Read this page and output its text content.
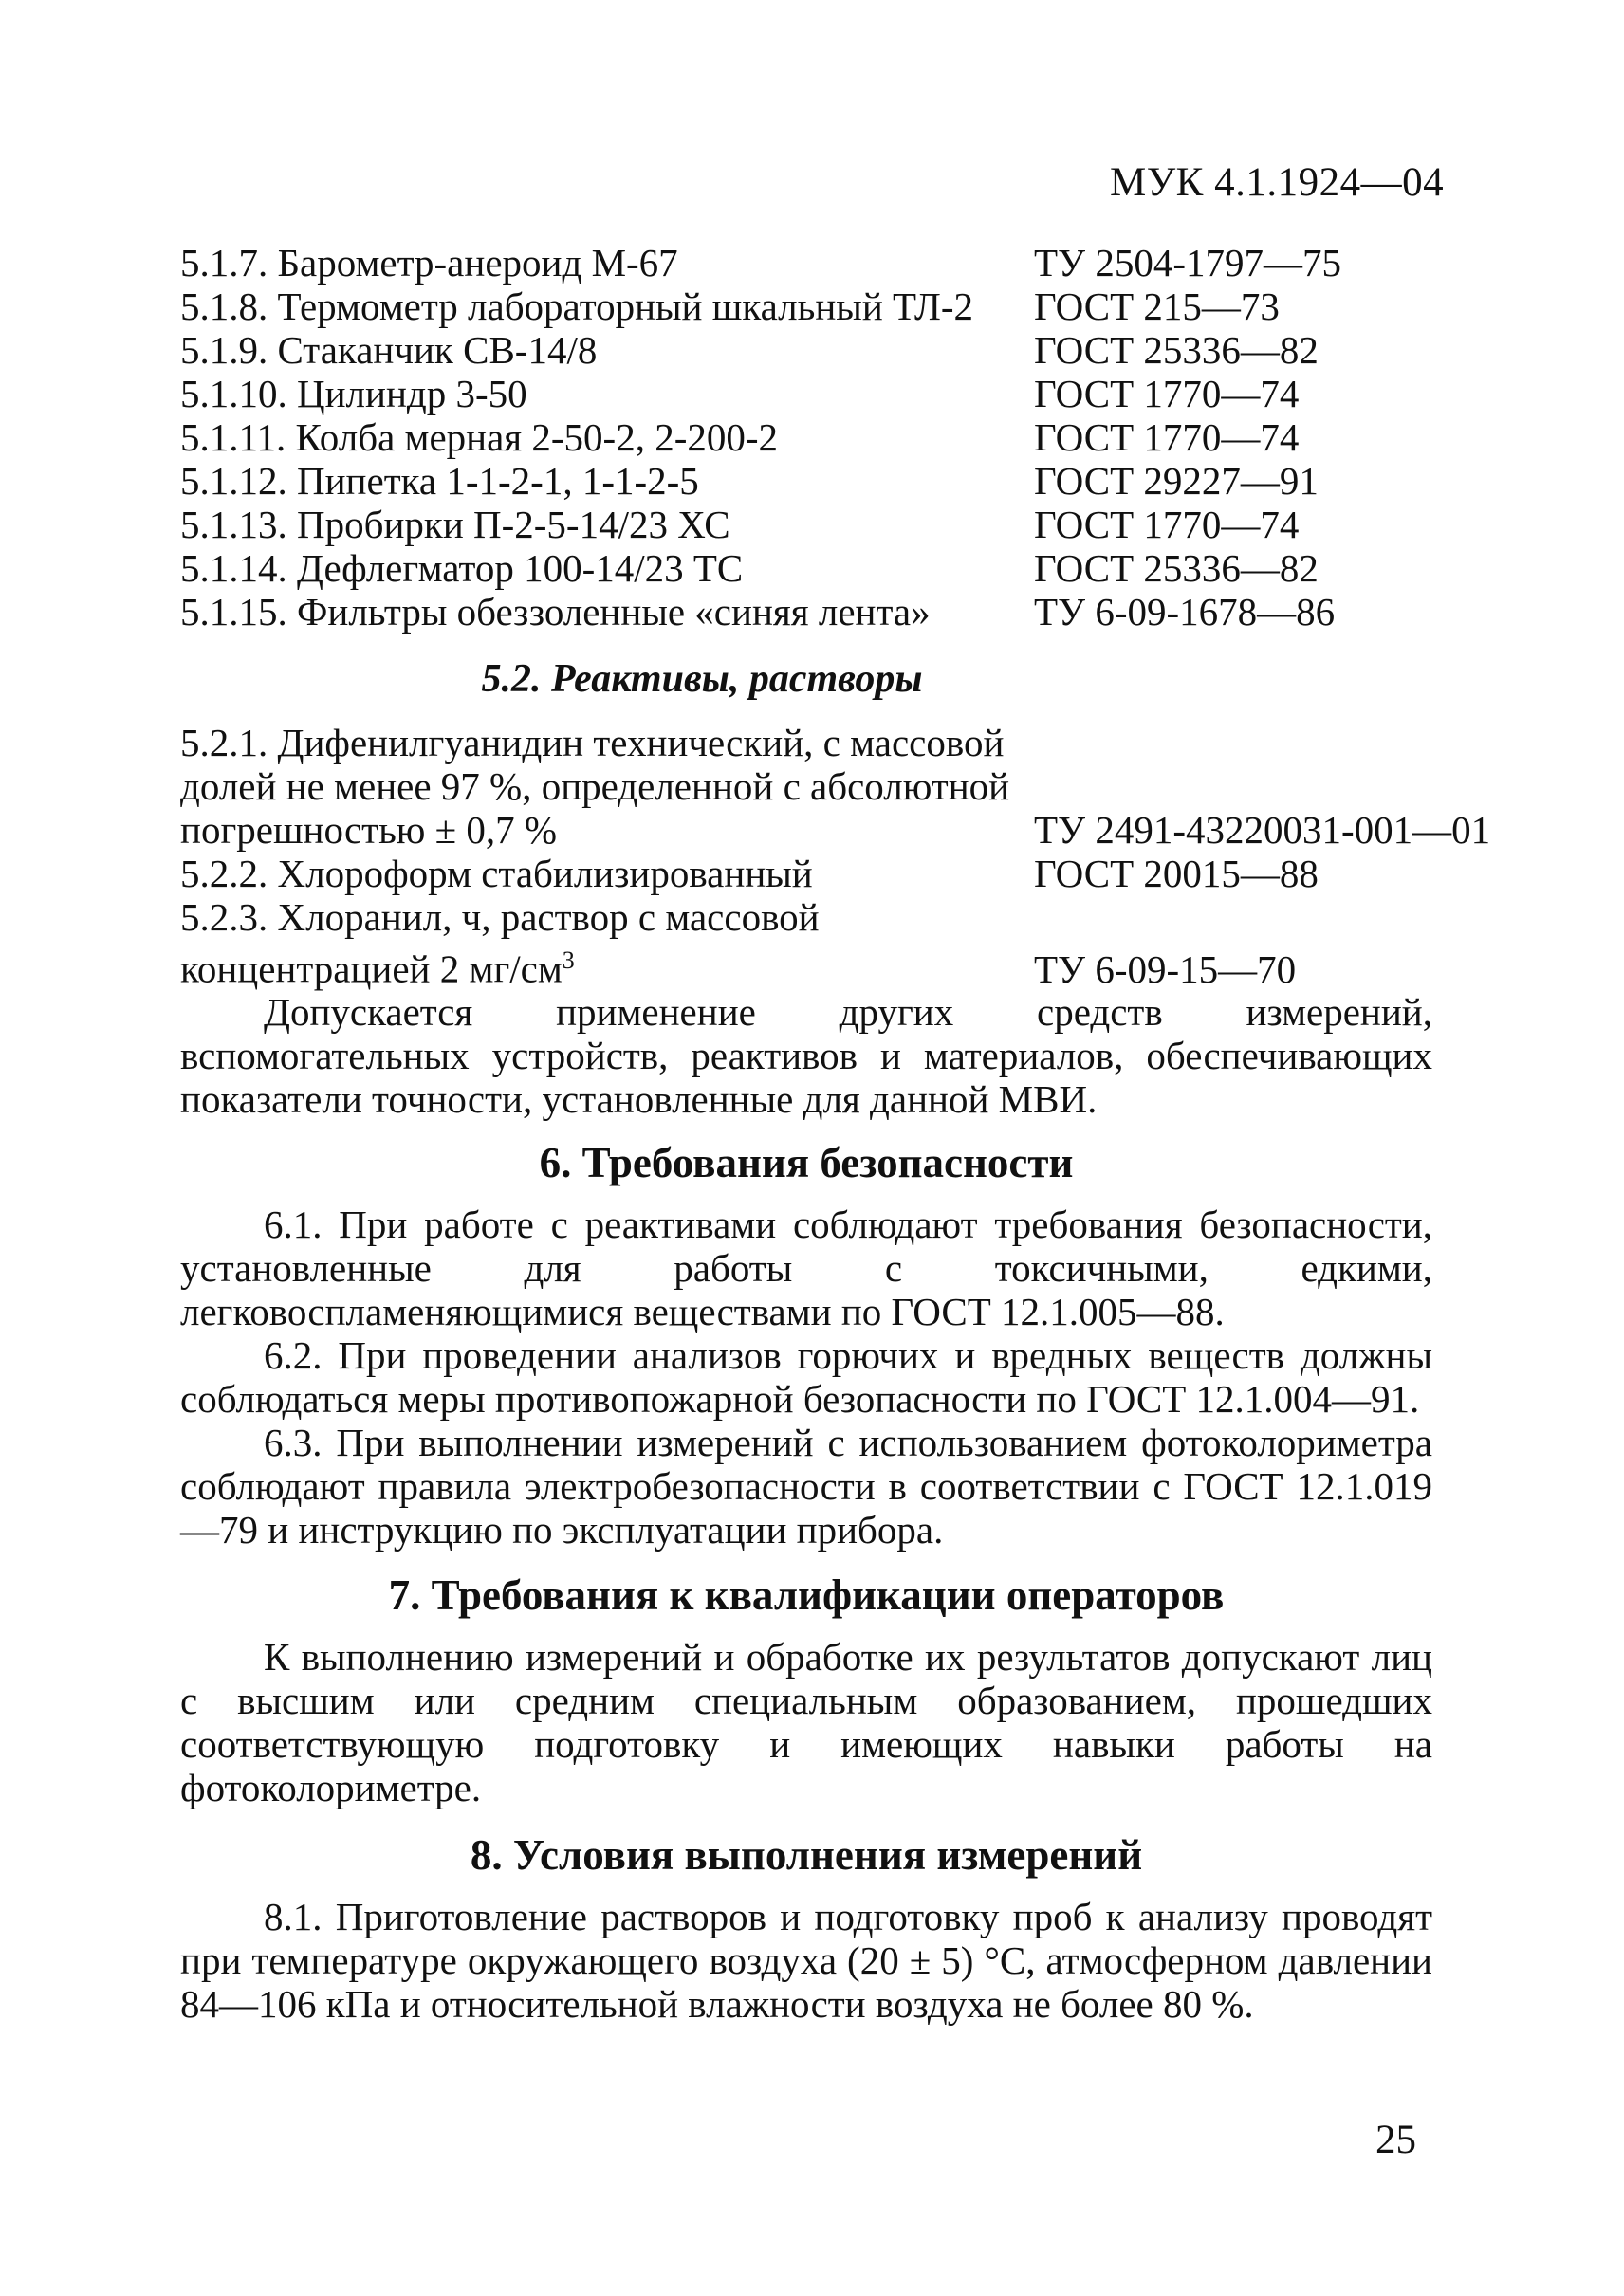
МУК 4.1.1924—04
5.1.7. Барометр-анероид М-67	ТУ 2504-1797—75
5.1.8. Термометр лабораторный шкальный ТЛ-2 ГОСТ 215—73
5.1.9. Стаканчик СВ-14/8	ГОСТ 25336—82
5.1.10. Цилиндр 3-50	ГОСТ 1770—74
5.1.11. Колба мерная 2-50-2, 2-200-2	ГОСТ 1770—74
5.1.12. Пипетка 1-1-2-1, 1-1-2-5	ГОСТ 29227—91
5.1.13. Пробирки П-2-5-14/23 ХС	ГОСТ 1770—74
5.1.14. Дефлегматор 100-14/23 ТС	ГОСТ 25336—82
5.1.15. Фильтры обеззоленные «синяя лента»	ТУ 6-09-1678—86
5.2. Реактивы, растворы
5.2.1. Дифенилгуанидин технический, с массовой долей не менее 97 %, определенной с абсолютной погрешностью ± 0,7 %	ТУ 2491-43220031-001—01
5.2.2. Хлороформ стабилизированный	ГОСТ 20015—88
5.2.3. Хлоранил, ч, раствор с массовой концентрацией 2 $мг/см^3$	ТУ 6-09-15—70

Допускается применение других средств измерений, вспомогательных устройств, реактивов и материалов, обеспечивающих показатели точности, установленные для данной МВИ.

6. Требования безопасности

6.1. При работе с реактивами соблюдают требования безопасности, установленные для работы с токсичными, едкими, легковоспламеняющимися веществами по ГОСТ 12.1.005—88.

6.2. При проведении анализов горючих и вредных веществ должны соблюдаться меры противопожарной безопасности по ГОСТ 12.1.004—91.

6.3. При выполнении измерений с использованием фотоколориметра соблюдают правила электробезопасности в соответствии с ГОСТ 12.1.019—79 и инструкцию по эксплуатации прибора.

7. Требования к квалификации операторов

К выполнению измерений и обработке их результатов допускают лиц с высшим или средним специальным образованием, прошедших соответствующую подготовку и имеющих навыки работы на фотоколориметре.

8. Условия выполнения измерений

8.1. Приготовление растворов и подготовку проб к анализу проводят при температуре окружающего воздуха (20 ± 5) °С, атмосферном давлении 84—106 кПа и относительной влажности воздуха не более 80 %.

25
